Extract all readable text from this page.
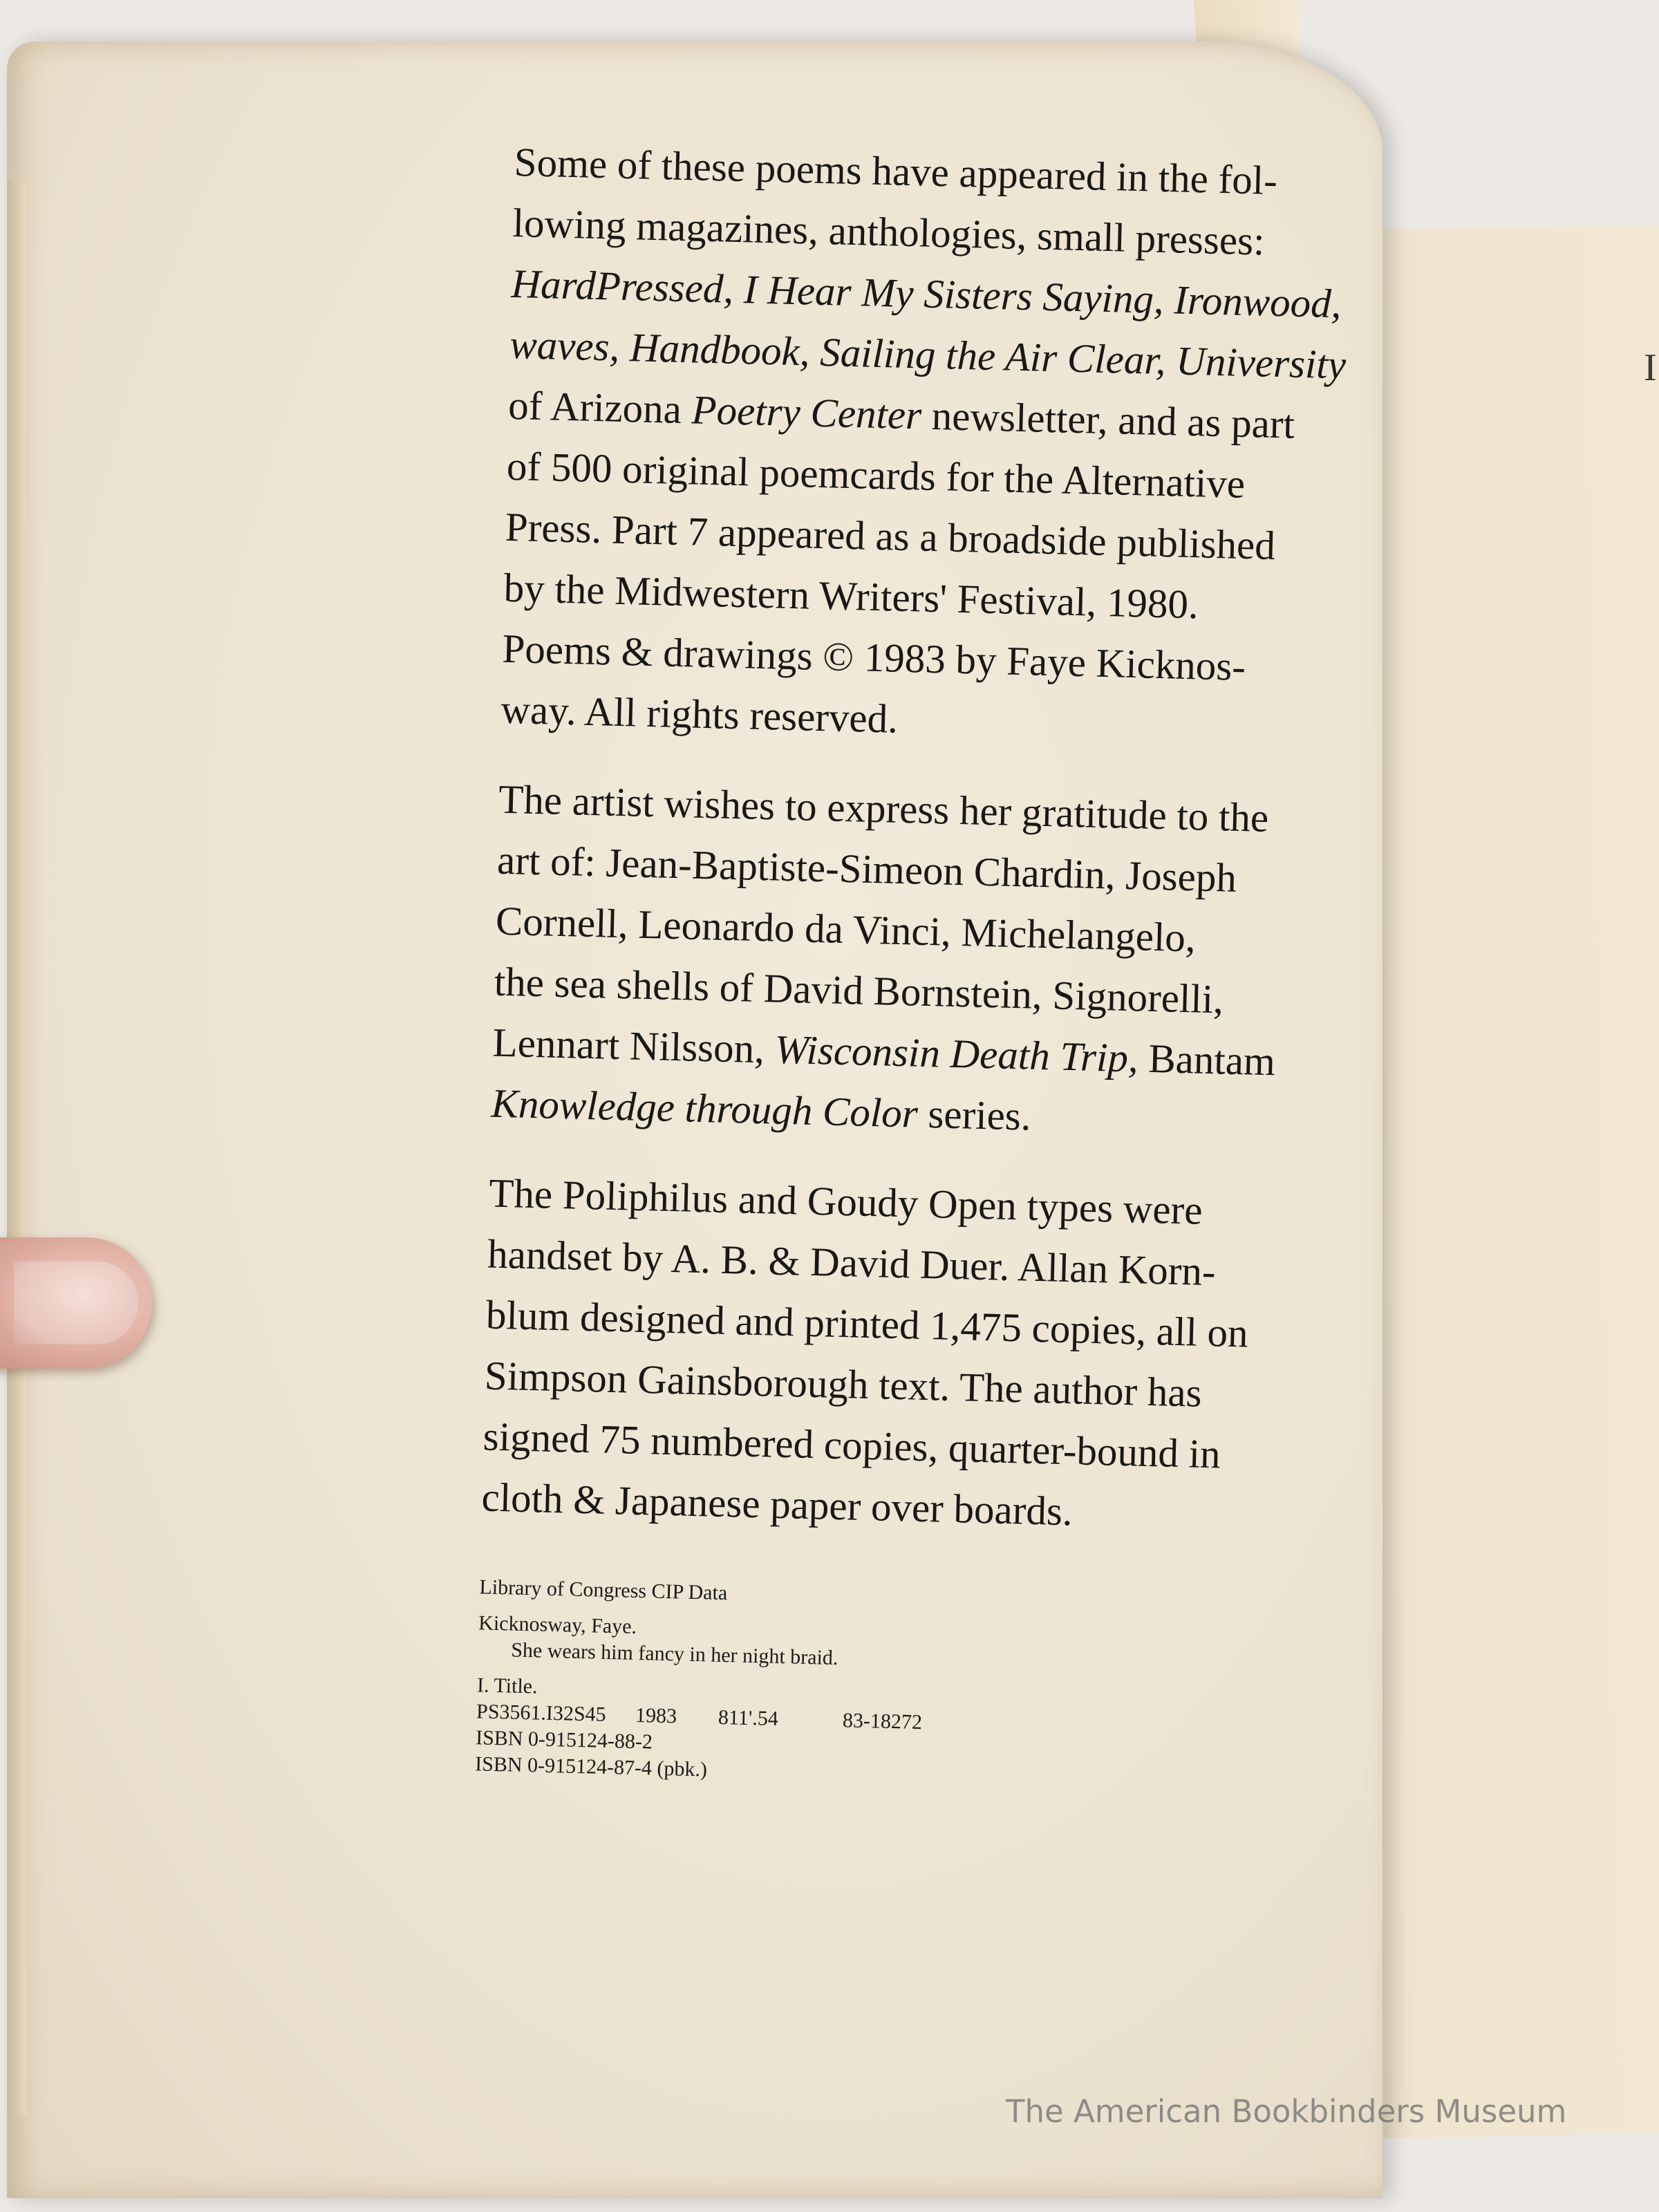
I

Some of these poems have appeared in the fol-
lowing magazines, anthologies, small presses:
HardPressed, I Hear My Sisters Saying, Ironwood,
waves, Handbook, Sailing the Air Clear, University
of Arizona Poetry Center newsletter, and as part
of 500 original poemcards for the Alternative
Press. Part 7 appeared as a broadside published
by the Midwestern Writers' Festival, 1980.
Poems & drawings © 1983 by Faye Kicknos-
way. All rights reserved.

The artist wishes to express her gratitude to the
art of: Jean-Baptiste-Simeon Chardin, Joseph
Cornell, Leonardo da Vinci, Michelangelo,
the sea shells of David Bornstein, Signorelli,
Lennart Nilsson, Wisconsin Death Trip, Bantam
Knowledge through Color series.

The Poliphilus and Goudy Open types were
handset by A. B. & David Duer. Allan Korn-
blum designed and printed 1,475 copies, all on
Simpson Gainsborough text. The author has
signed 75 numbered copies, quarter-bound in
cloth & Japanese paper over boards.

Library of Congress CIP Data
Kicknosway, Faye.
She wears him fancy in her night braid.
I. Title.
PS3561.I32S45 1983 811'.54	83-18272
ISBN 0-915124-88-2
ISBN 0-915124-87-4 (pbk.)
The American Bookbinders Museum
